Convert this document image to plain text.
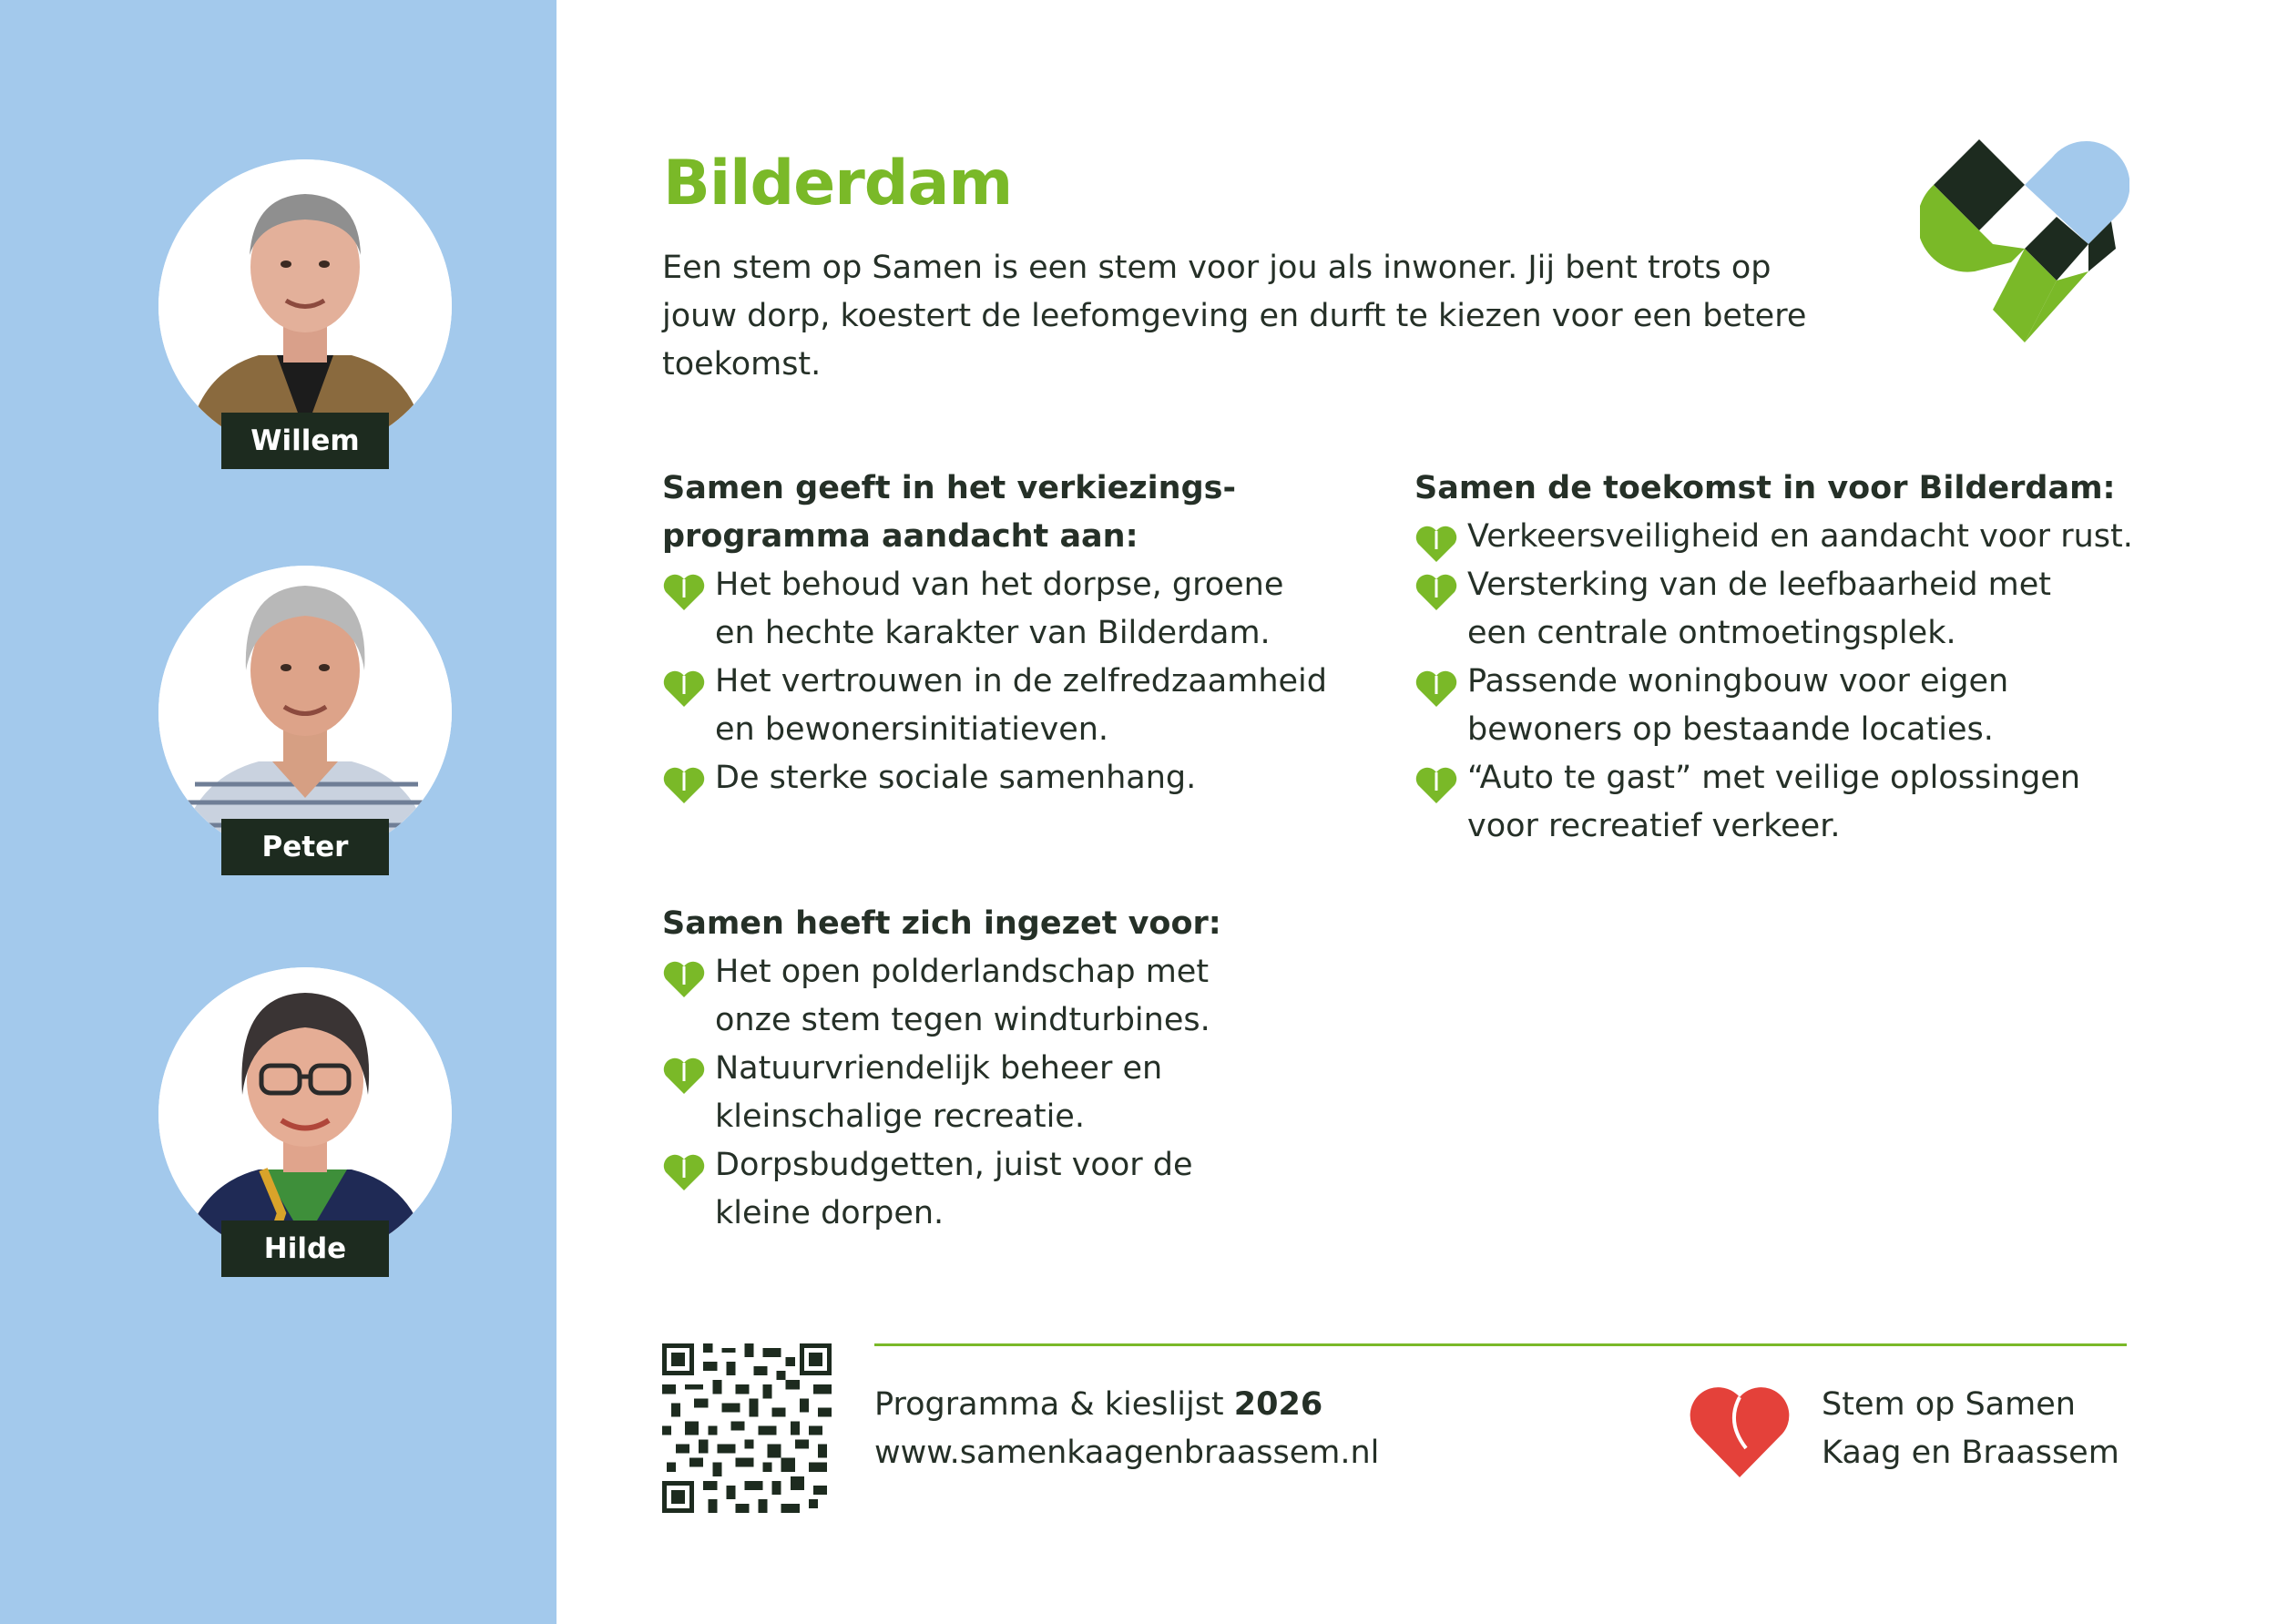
Willem
Peter
Hilde
Bilderdam

Een stem op Samen is een stem voor jou als inwoner. Jij bent trots op jouw dorp, koestert de leefomgeving en durft te kiezen voor een betere toekomst.

Samen geeft in het verkiezings-
programma aandacht aan:
Het behoud van het dorpse, groene
en hechte karakter van Bilderdam.
Het vertrouwen in de zelfredzaamheid
en bewonersinitiatieven.
De sterke sociale samenhang.
Samen de toekomst in voor Bilderdam:
Verkeersveiligheid en aandacht voor rust.
Versterking van de leefbaarheid met
een centrale ontmoetingsplek.
Passende woningbouw voor eigen
bewoners op bestaande locaties.
“Auto te gast” met veilige oplossingen
voor recreatief verkeer.
Samen heeft zich ingezet voor:
Het open polderlandschap met
onze stem tegen windturbines.
Natuurvriendelijk beheer en
kleinschalige recreatie.
Dorpsbudgetten, juist voor de
kleine dorpen.
Programma & kieslijst 2026
www.samenkaagenbraassem.nl
Stem op Samen
Kaag en Braassem
